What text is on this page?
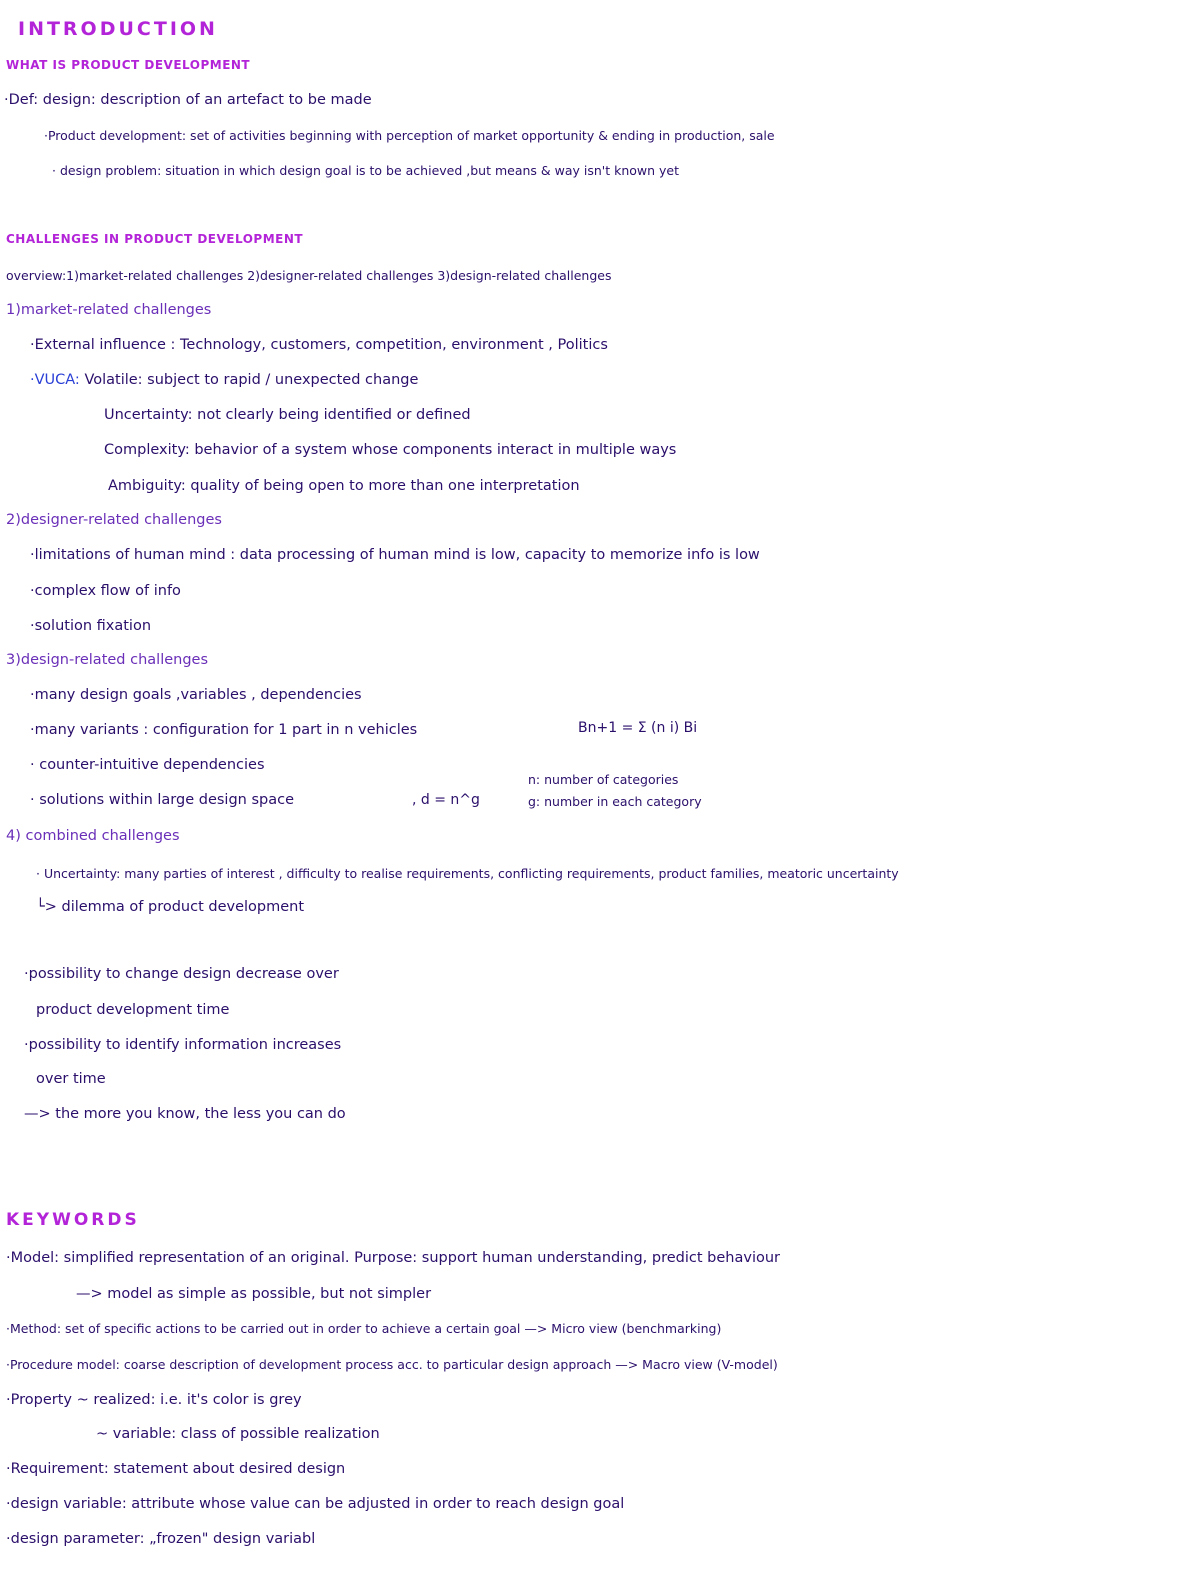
INTRODUCTION
WHAT IS PRODUCT DEVELOPMENT
·Def: design: description of an artefact to be made
·Product development: set of activities beginning with perception of market opportunity & ending in production, sale
· design problem: situation in which design goal is to be achieved ,but means & way isn't known yet
CHALLENGES IN PRODUCT DEVELOPMENT
overview:1)market-related challenges 2)designer-related challenges 3)design-related challenges
1)market-related challenges
·External influence : Technology, customers, competition, environment , Politics
·VUCA: Volatile: subject to rapid / unexpected change
Uncertainty: not clearly being identified or defined
Complexity: behavior of a system whose components interact in multiple ways
Ambiguity: quality of being open to more than one interpretation
2)designer-related challenges
·limitations of human mind : data processing of human mind is low, capacity to memorize info is low
·complex flow of info
·solution fixation
3)design-related challenges
·many design goals ,variables , dependencies
·many variants : configuration for 1 part in n vehicles	Bn+1 = Σ (n i) Bi
· counter-intuitive dependencies
· solutions within large design space	, d = n^g
n: number of categories
g: number in each category
4) combined challenges
· Uncertainty: many parties of interest , difficulty to realise requirements, conflicting requirements, product families, meatoric uncertainty
└> dilemma of product development
·possibility to change design decrease over
product development time
·possibility to identify information increases
over time
—> the more you know, the less you can do
KEYWORDS
·Model: simplified representation of an original. Purpose: support human understanding, predict behaviour
—> model as simple as possible, but not simpler
·Method: set of specific actions to be carried out in order to achieve a certain goal —> Micro view (benchmarking)
·Procedure model: coarse description of development process acc. to particular design approach —> Macro view (V-model)
·Property ~ realized: i.e. it's color is grey
~ variable: class of possible realization
·Requirement: statement about desired design
·design variable: attribute whose value can be adjusted in order to reach design goal
·design parameter: „frozen" design variabl
